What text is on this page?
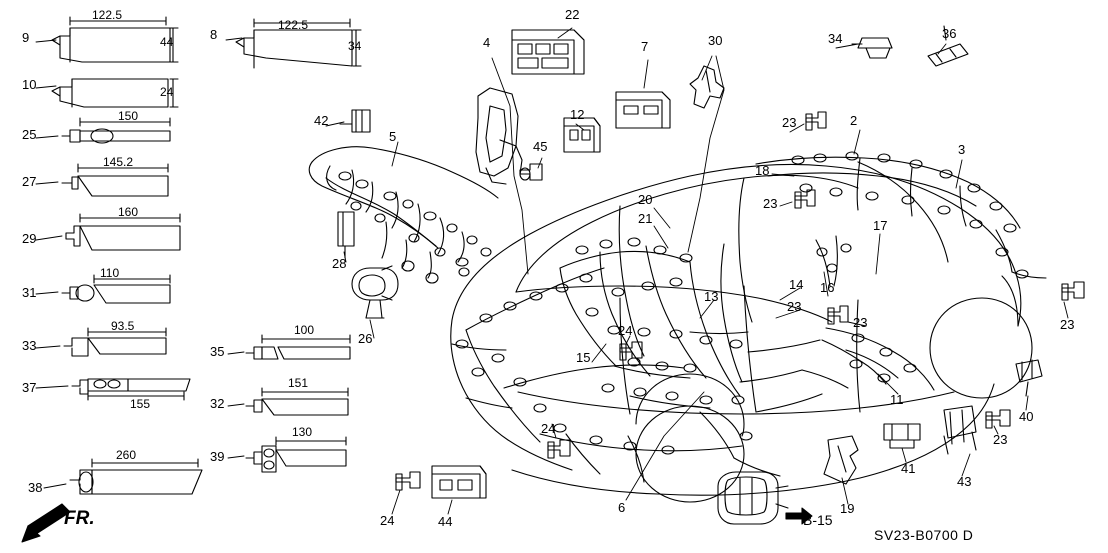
9	8
10
25
27
29
31
33
37
38
35
32
39
42
28
26
5
4
22
12
45
7	30	34	36
23	2
3
18
23
17
20
21
16
14
13
23
23	23
15
24
11
40
41
43
23
24
6	19
24	44
122.5
44
122.5
34
24
150
145.2
160
110
93.5
151
155
100
130
260
FR.	B-15
SV23-B0700 D
